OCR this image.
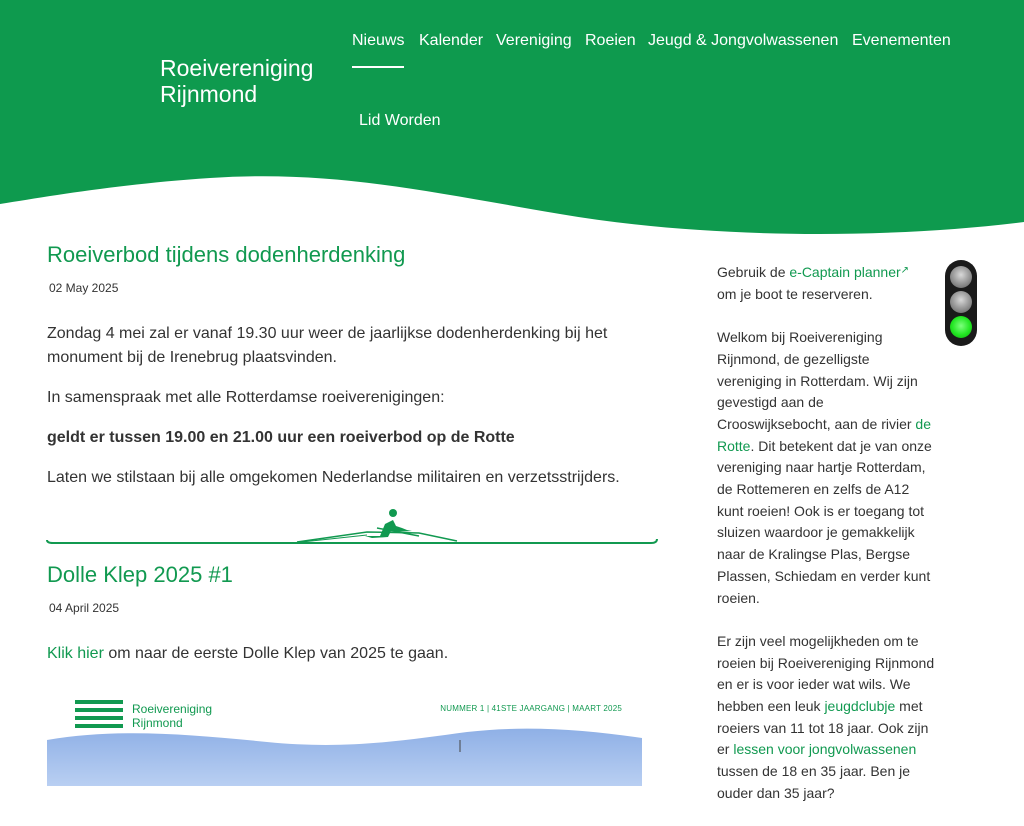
Roeivereniging
Rijnmond
Nieuws Kalender Vereniging Roeien Jeugd & Jongvolwassenen Evenementen
Lid Worden
Roeiverbod tijdens dodenherdenking
02 May 2025

Zondag 4 mei zal er vanaf 19.30 uur weer de jaarlijkse dodenherdenking bij het monument bij de Irenebrug plaatsvinden.

In samenspraak met alle Rotterdamse roeiverenigingen:

geldt er tussen 19.00 en 21.00 uur een roeiverbod op de Rotte

Laten we stilstaan bij alle omgekomen Nederlandse militairen en verzetsstrijders.

Dolle Klep 2025 #1
04 April 2025

Klik hier om naar de eerste Dolle Klep van 2025 te gaan.

Roeivereniging
Rijnmond
NUMMER 1 | 41STE JAARGANG | MAART 2025

Gebruik de e-Captain planner↗
om je boot te reserveren.

Welkom bij Roeivereniging Rijnmond, de gezelligste vereniging in Rotterdam. Wij zijn gevestigd aan de Crooswijksebocht, aan de rivier de Rotte. Dit betekent dat je van onze vereniging naar hartje Rotterdam, de Rottemeren en zelfs de A12 kunt roeien! Ook is er toegang tot sluizen waardoor je gemakkelijk naar de Kralingse Plas, Bergse Plassen, Schiedam en verder kunt roeien.

Er zijn veel mogelijkheden om te roeien bij Roeivereniging Rijnmond en er is voor ieder wat wils. We hebben een leuk jeugdclubje met roeiers van 11 tot 18 jaar. Ook zijn er lessen voor jongvolwassenen tussen de 18 en 35 jaar. Ben je ouder dan 35 jaar?
